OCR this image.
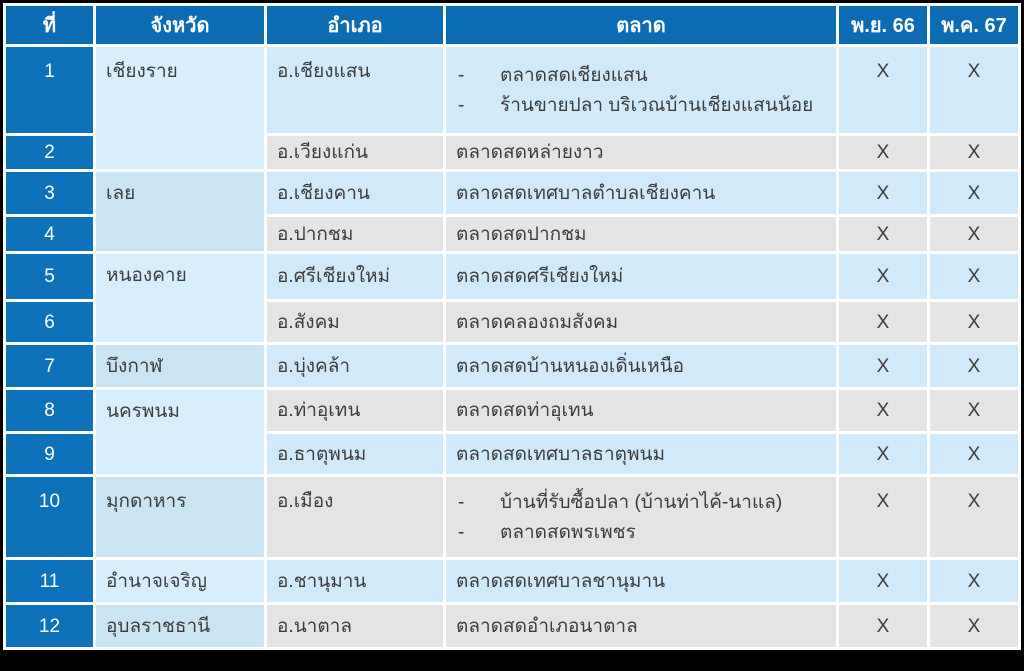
ที่	จังหวัด	อำเภอ	ตลาด	พ.ย. 66	พ.ค. 67
1	เชียงราย	อ.เชียงแสน	- ตลาดสดเชียงแสน
- ร้านขายปลา บริเวณบ้านเชียงแสนน้อย	X	X
2		อ.เวียงแก่น	ตลาดสดหล่ายงาว	X	X
3	เลย	อ.เชียงคาน	ตลาดสดเทศบาลตำบลเชียงคาน	X	X
4		อ.ปากชม	ตลาดสดปากชม	X	X
5	หนองคาย	อ.ศรีเชียงใหม่	ตลาดสดศรีเชียงใหม่	X	X
6		อ.สังคม	ตลาดคลองถมสังคม	X	X
7	บึงกาฬ	อ.บุ่งคล้า	ตลาดสดบ้านหนองเดิ่นเหนือ	X	X
8	นครพนม	อ.ท่าอุเทน	ตลาดสดท่าอุเทน	X	X
9		อ.ธาตุพนม	ตลาดสดเทศบาลธาตุพนม	X	X
10	มุกดาหาร	อ.เมือง	- บ้านที่รับซื้อปลา (บ้านท่าไค้-นาแล)
- ตลาดสดพรเพชร	X	X
11	อำนาจเจริญ	อ.ชานุมาน	ตลาดสดเทศบาลชานุมาน	X	X
12	อุบลราชธานี	อ.นาตาล	ตลาดสดอำเภอนาตาล	X	X
